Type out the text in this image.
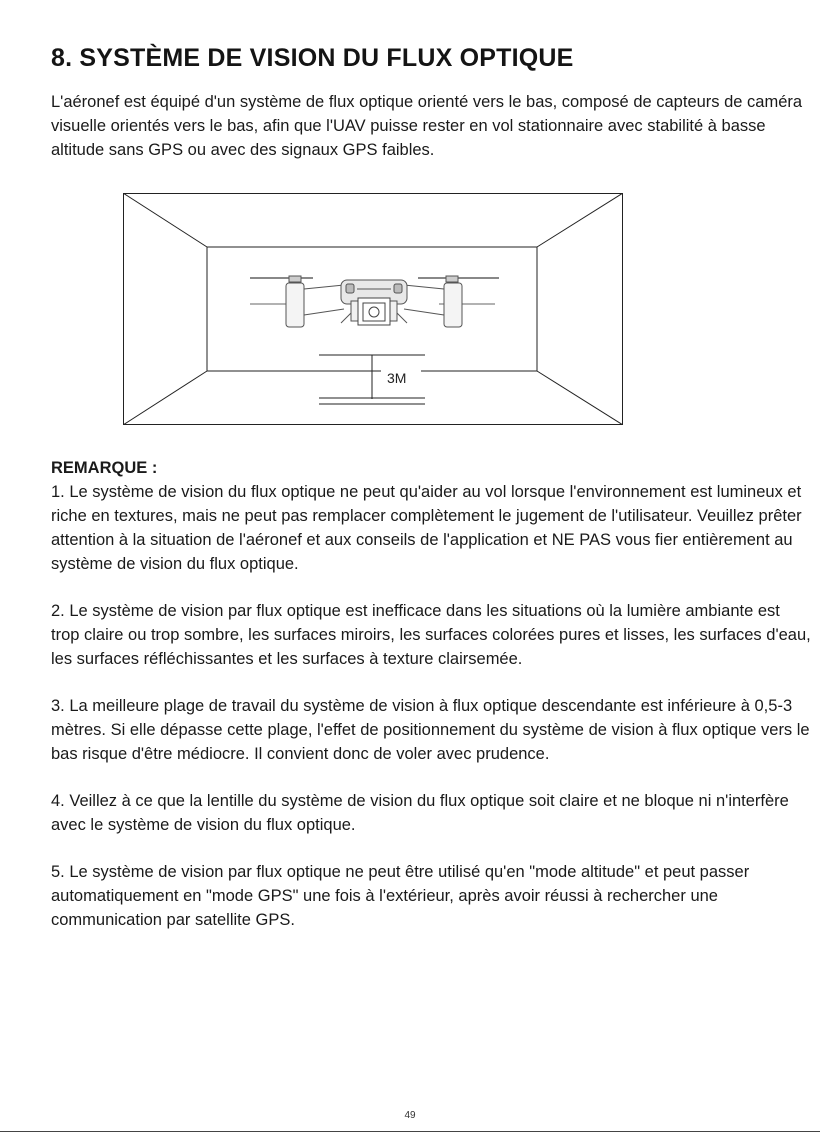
8. SYSTÈME DE VISION DU FLUX OPTIQUE

L'aéronef est équipé d'un système de flux optique orienté vers le bas, composé de capteurs de caméra visuelle orientés vers le bas, afin que l'UAV puisse rester en vol stationnaire avec stabilité à basse altitude sans GPS ou avec des signaux GPS faibles.

3M
REMARQUE :

1. Le système de vision du flux optique ne peut qu'aider au vol lorsque l'environnement est lumineux et riche en textures, mais ne peut pas remplacer complètement le jugement de l'utilisateur. Veuillez prêter attention à la situation de l'aéronef et aux conseils de l'application et NE PAS vous fier entièrement au système de vision du flux optique.

2. Le système de vision par flux optique est inefficace dans les situations où la lumière ambiante est trop claire ou trop sombre, les surfaces miroirs, les surfaces colorées pures et lisses, les surfaces d'eau, les surfaces réfléchissantes et les surfaces à texture clairsemée.

3. La meilleure plage de travail du système de vision à flux optique descendante est inférieure à 0,5-3 mètres. Si elle dépasse cette plage, l'effet de positionnement du système de vision à flux optique vers le bas risque d'être médiocre. Il convient donc de voler avec prudence.

4. Veillez à ce que la lentille du système de vision du flux optique soit claire et ne bloque ni n'interfère avec le système de vision du flux optique.

5. Le système de vision par flux optique ne peut être utilisé qu'en "mode altitude" et peut passer automatiquement en "mode GPS" une fois à l'extérieur, après avoir réussi à rechercher une communication par satellite GPS.

49
